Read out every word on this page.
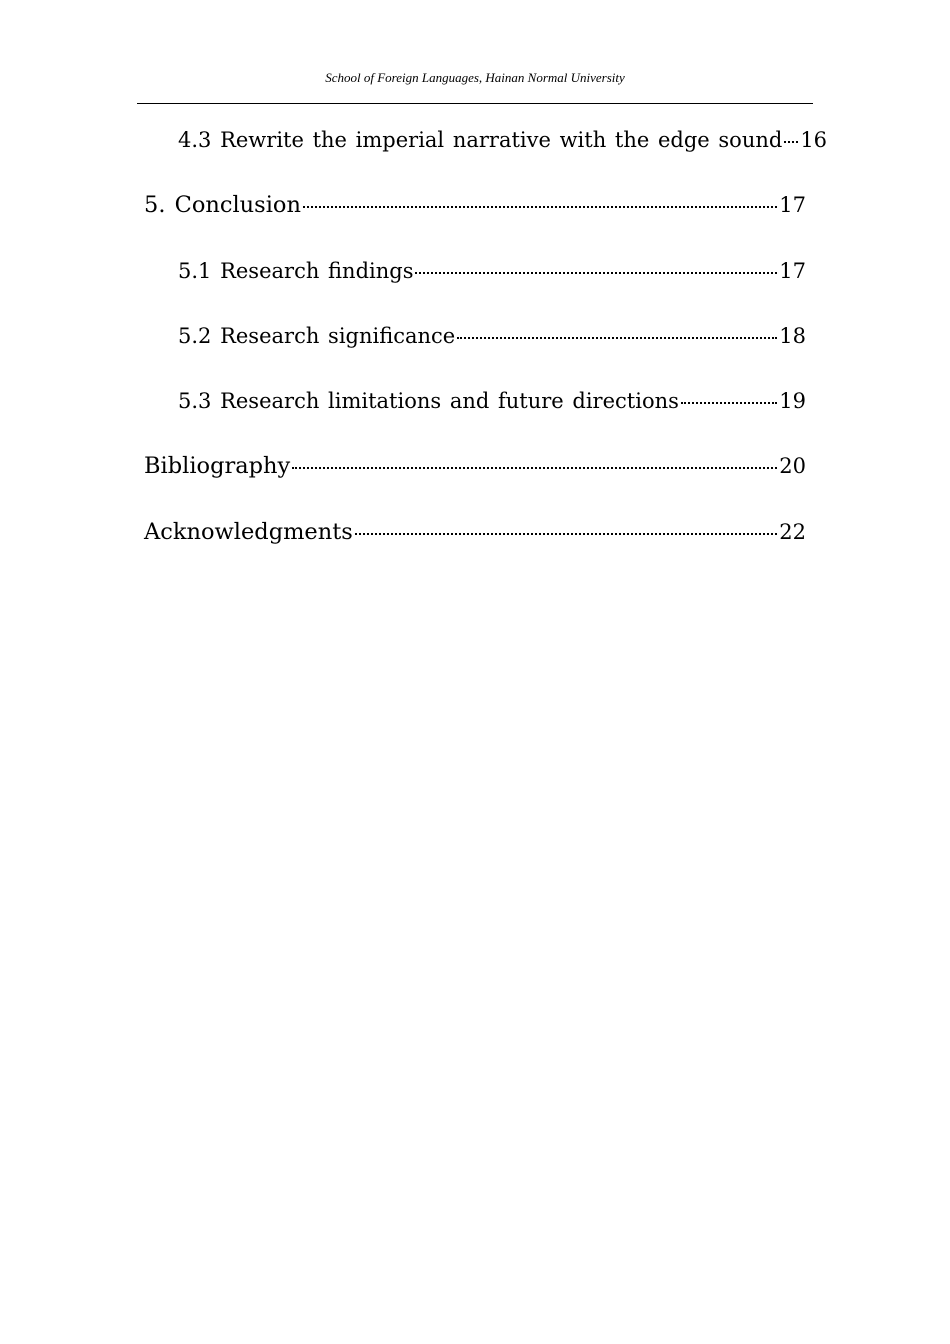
School of Foreign Languages, Hainan Normal University
4.3 Rewrite the imperial narrative with the edge sound 16
5. Conclusion	17
5.1 Research findings	17
5.2 Research significance	18
5.3 Research limitations and future directions	19
Bibliography	20
Acknowledgments	22
